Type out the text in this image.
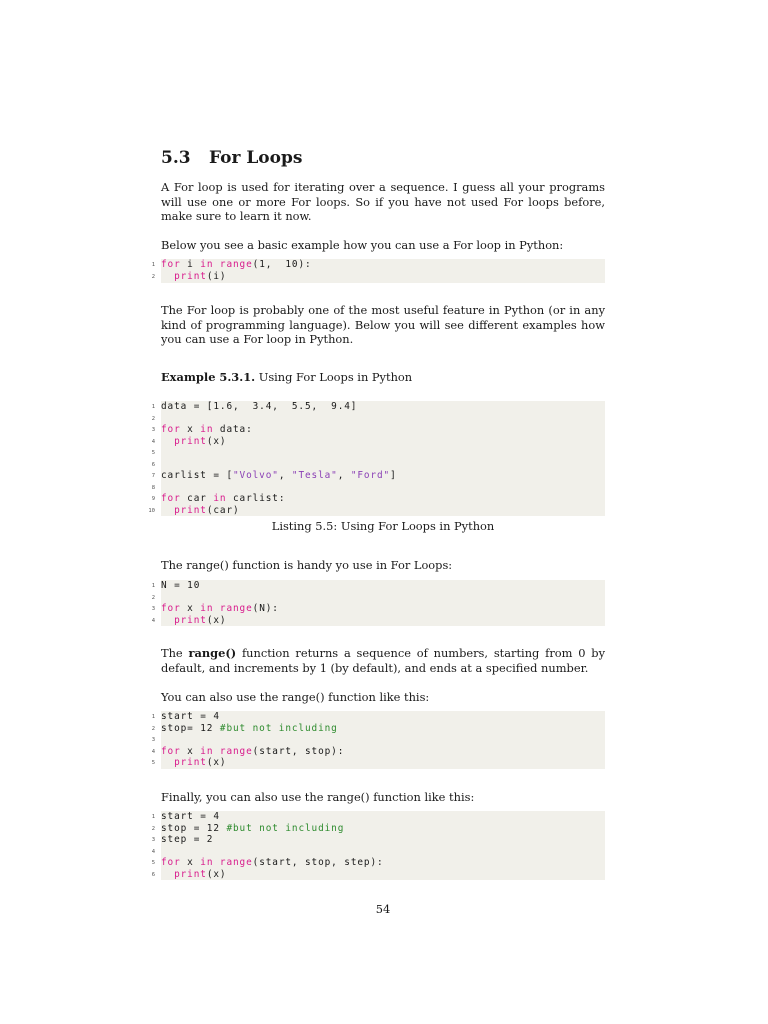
5.3 For Loops
A For loop is used for iterating over a sequence. I guess all your programs will use one or more For loops. So if you have not used For loops before, make sure to learn it now.
Below you see a basic example how you can use a For loop in Python:
1 for i in range(1,  10):
2 print(i)
The For loop is probably one of the most useful feature in Python (or in any kind of programming language). Below you will see different examples how you can use a For loop in Python.
Example 5.3.1. Using For Loops in Python
1 data = [1.6,  3.4,  5.5,  9.4]
2
3 for x in data:
4 print(x)
5
6
7 carlist = ["Volvo", "Tesla", "Ford"]
8
9 for car in carlist:
10 print(car)
Listing 5.5: Using For Loops in Python
The range() function is handy yo use in For Loops:
1 N = 10
2
3 for x in range(N):
4 print(x)
The range() function returns a sequence of numbers, starting from 0 by default, and increments by 1 (by default), and ends at a specified number.
You can also use the range() function like this:
1 start = 4
2 stop= 12 #but not including
3
4 for x in range(start, stop):
5 print(x)
Finally, you can also use the range() function like this:
1 start = 4
2 stop = 12 #but not including
3 step = 2
4
5 for x in range(start, stop, step):
6 print(x)
54
